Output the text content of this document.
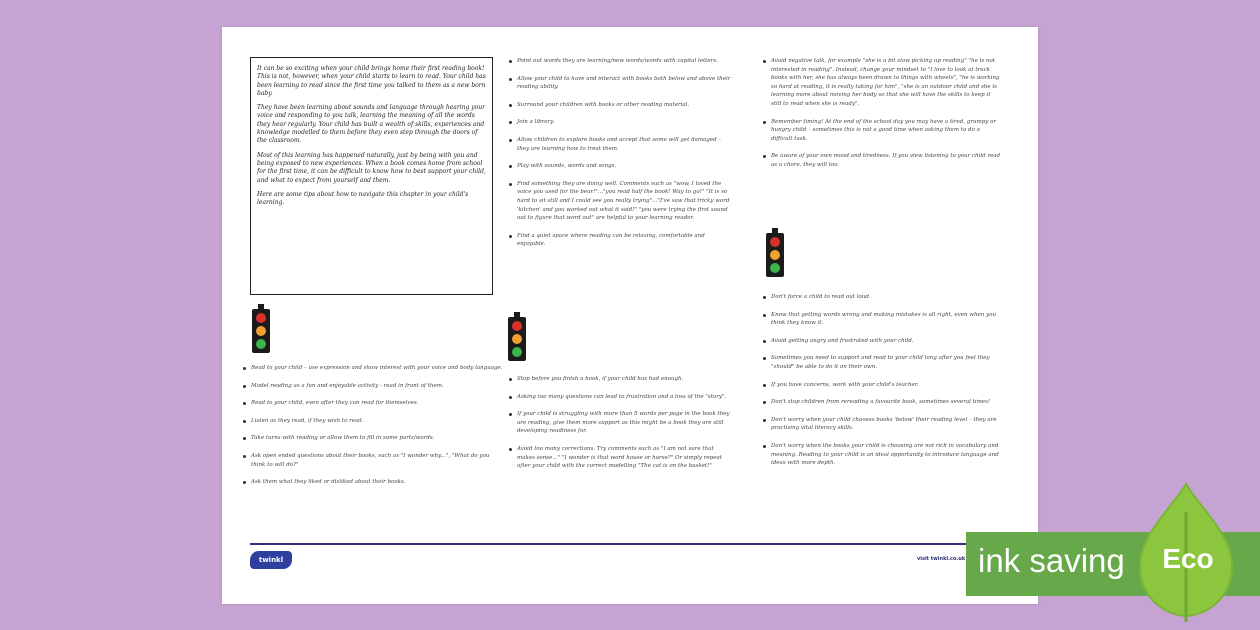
It can be so exciting when your child brings home their first reading book! This is not, however, when your child starts to learn to read. Your child has been learning to read since the first time you talked to them as a new born baby.

They have been learning about sounds and language through hearing your voice and responding to you talk, learning the meaning of all the words they hear regularly. Your child has built a wealth of skills, experiences and knowledge modelled to them before they even step through the doors of the classroom.

Most of this learning has happened naturally, just by being with you and being exposed to new experiences. When a book comes home from school for the first time, it can be difficult to know how to best support your child, and what to expect from yourself and them.

Here are some tips about how to navigate this chapter in your child's learning.

Read to your child – use expression and show interest with your voice and body language.
Model reading as a fun and enjoyable activity - read in front of them.
Read to your child, even after they can read for themselves.
Listen as they read, if they wish to read.
Take turns with reading or allow them to fill in some parts/words.
Ask open ended questions about their books, such as "I wonder why...", "What do you think to will do?"
Ask them what they liked or disliked about their books.
Point out words they are learning/new words/words with capital letters.
Allow your child to have and interact with books both below and above their reading ability.
Surround your children with books or other reading material.
Join a library.
Allow children to explore books and accept that some will get damaged – they are learning how to treat them.
Play with sounds, words and songs.
Find something they are doing well. Comments such as "wow, I loved the voice you used for the bear!"..."you read half the book! Way to go!" "It is so hard to sit still and I could see you really trying"..."I've saw that tricky word 'kitchen' and you worked out what it said!" "you were trying the first sound out to figure that word out" are helpful to your learning reader.
Find a quiet space where reading can be relaxing, comfortable and enjoyable.
Stop before you finish a book, if your child has had enough.
Asking too many questions can lead to frustration and a loss of the "story".
If your child is struggling with more than 5 words per page in the book they are reading, give them more support as this might be a book they are still developing readiness for.
Avoid too many corrections. Try comments such as "I am not sure that makes sense..." "I wonder is that word house or horse?" Or simply repeat after your child with the correct modelling "The cat is on the basket!"
Avoid negative talk, for example "she is a bit slow picking up reading" "he is not interested in reading". Instead, change your mindset to "I love to look at truck books with her, she has always been drawn to things with wheels", "he is working so hard at reading, it is really taking for him", "she is an outdoor child and she is learning more about moving her body so that she will have the skills to keep it still to read when she is ready".
Remember timing! At the end of the school day you may have a tired, grumpy or hungry child – sometimes this is not a good time when asking them to do a difficult task.
Be aware of your own mood and tiredness. If you view listening to your child read as a chore, they will too.
Don't force a child to read out loud.
Know that getting words wrong and making mistakes is all right, even when you think they know it.
Avoid getting angry and frustrated with your child.
Sometimes you need to support and read to your child long after you feel they "should" be able to do it on their own.
If you have concerns, work with your child's teacher.
Don't stop children from rereading a favourite book, sometimes several times!
Don't worry when your child chooses books 'below' their reading level – they are practising vital literacy skills.
Don't worry when the books your child is choosing are not rich in vocabulary and meaning. Reading to your child is an ideal opportunity to introduce language and ideas with more depth.
twinkl	visit twinkl.co.uk ink saving Eco
